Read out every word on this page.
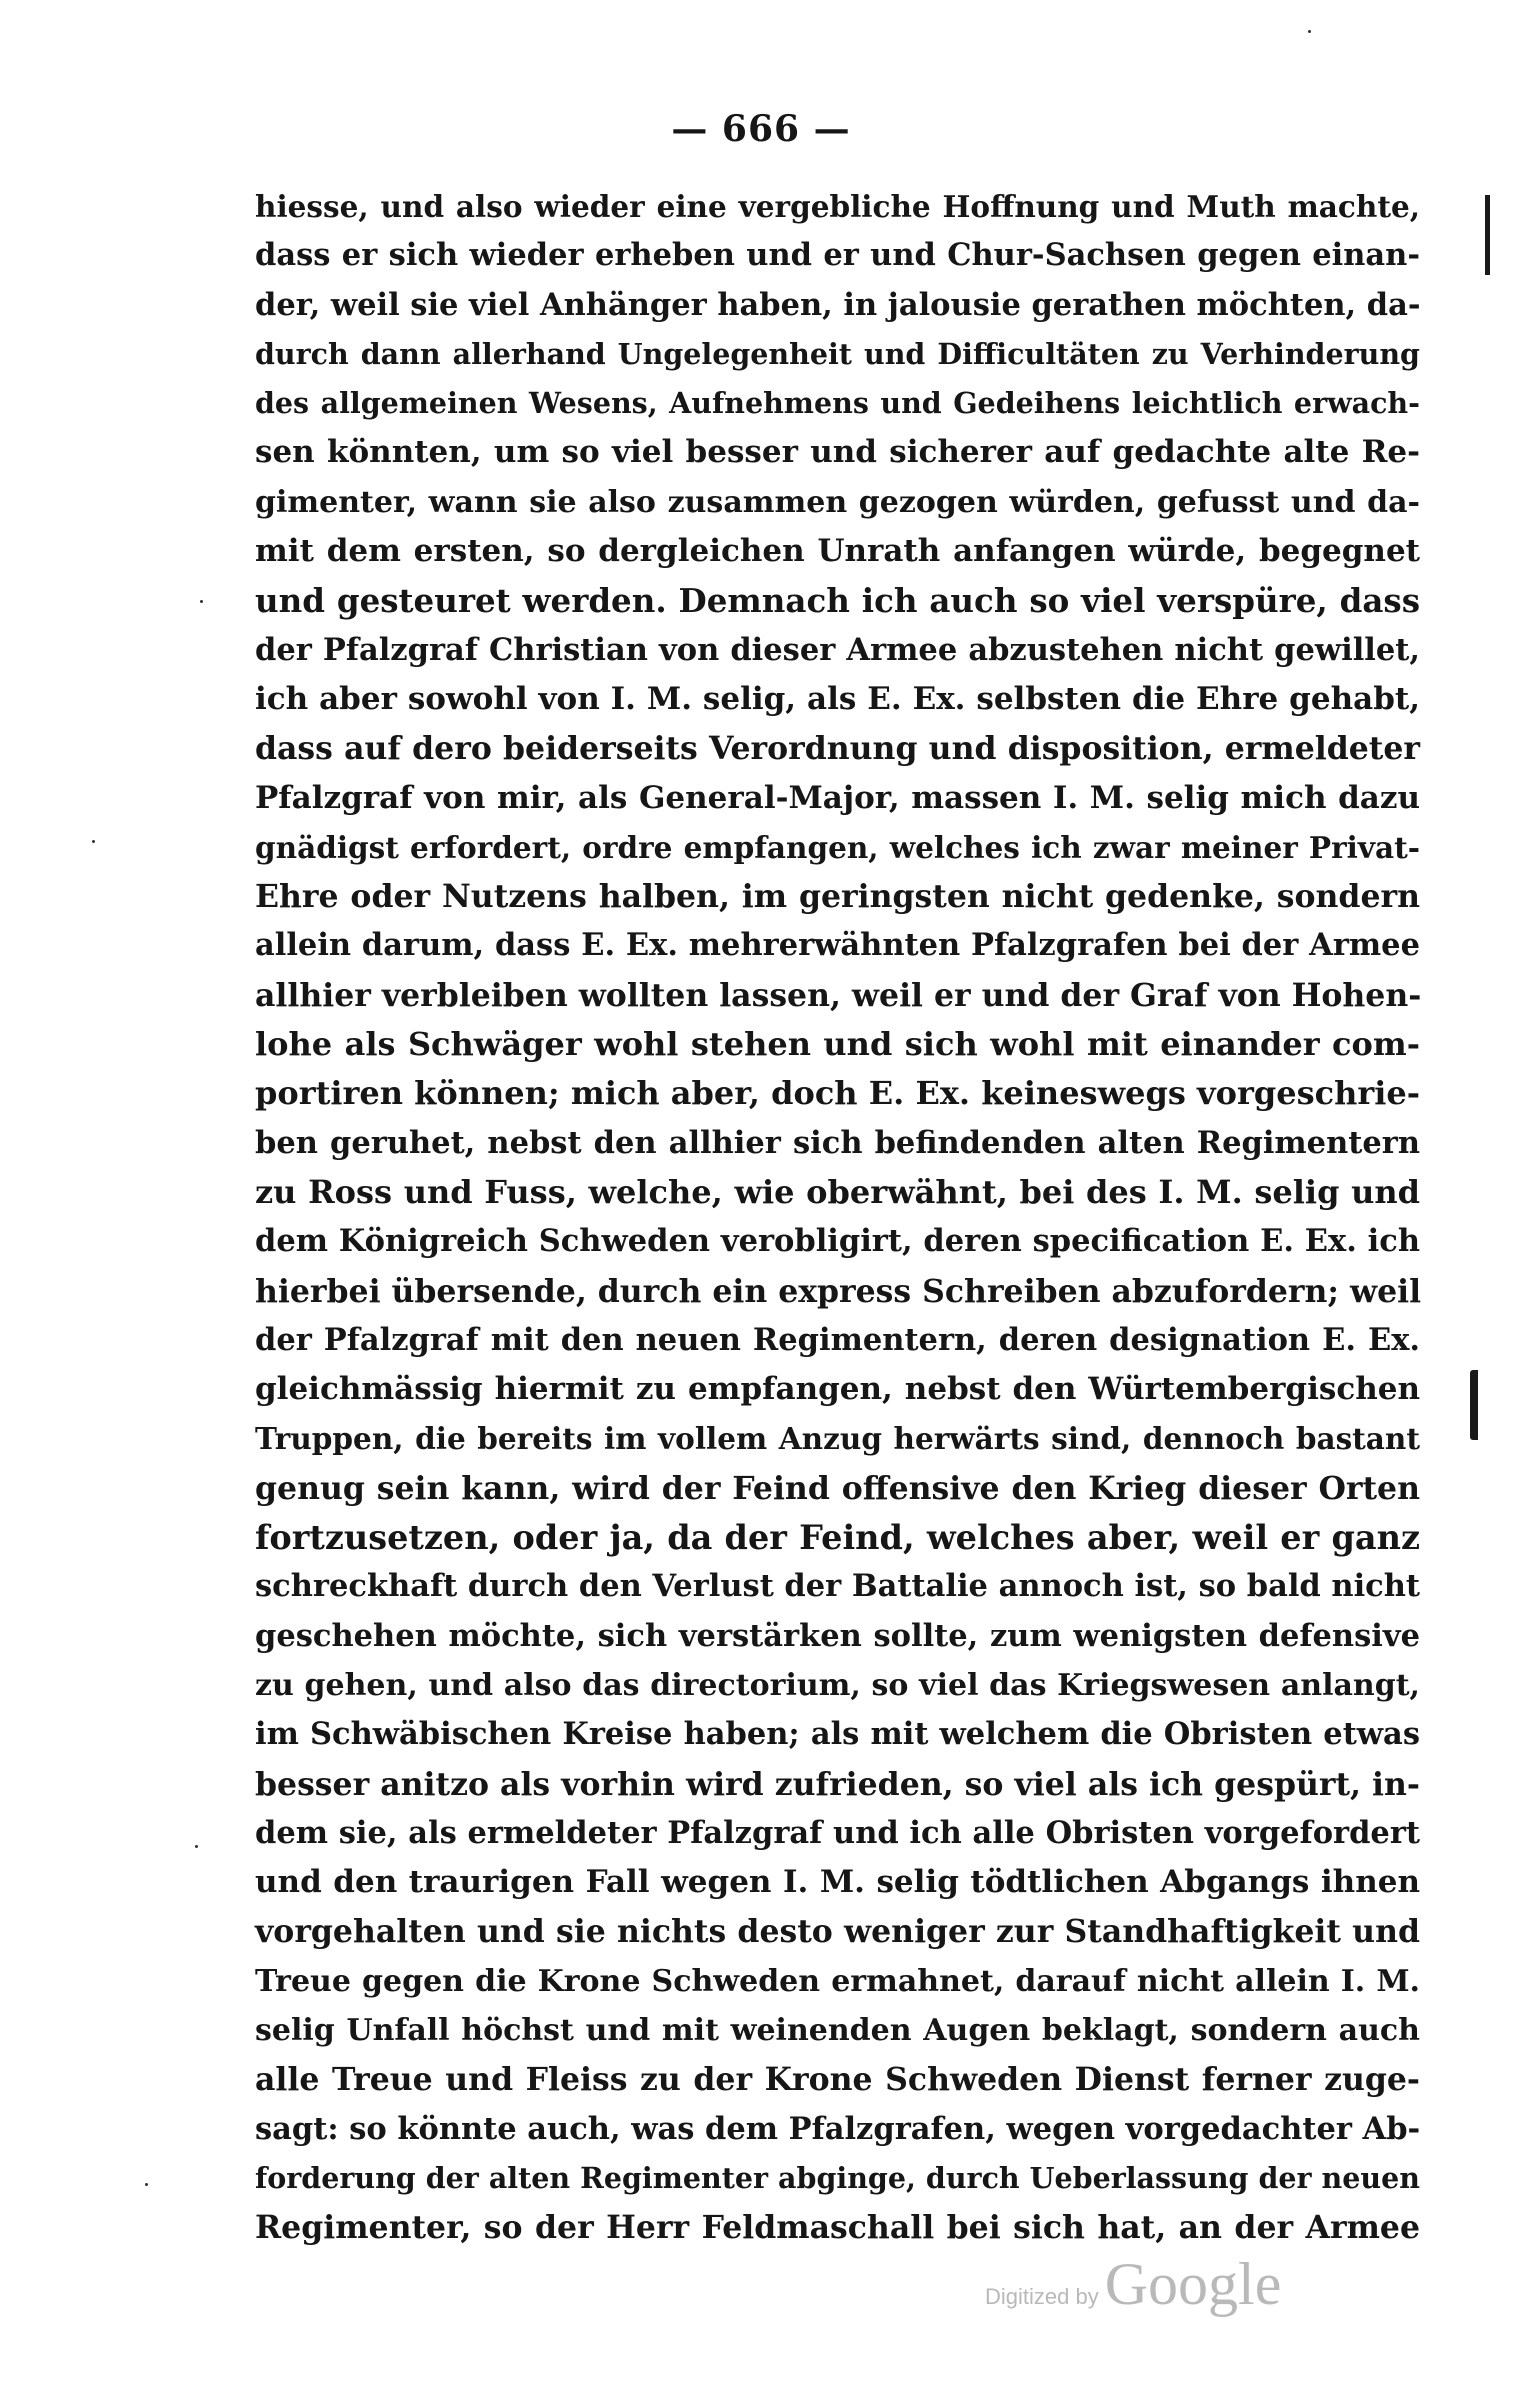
— 666 —
hiesse, und also wieder eine vergebliche Hoffnung und Muth machte,
dass er sich wieder erheben und er und Chur-Sachsen gegen einan-
der, weil sie viel Anhänger haben, in jalousie gerathen möchten, da-
durch dann allerhand Ungelegenheit und Difficultäten zu Verhinderung
des allgemeinen Wesens, Aufnehmens und Gedeihens leichtlich erwach-
sen könnten, um so viel besser und sicherer auf gedachte alte Re-
gimenter, wann sie also zusammen gezogen würden, gefusst und da-
mit dem ersten, so dergleichen Unrath anfangen würde, begegnet
und gesteuret werden. Demnach ich auch so viel verspüre, dass
der Pfalzgraf Christian von dieser Armee abzustehen nicht gewillet,
ich aber sowohl von I. M. selig, als E. Ex. selbsten die Ehre gehabt,
dass auf dero beiderseits Verordnung und disposition, ermeldeter
Pfalzgraf von mir, als General-Major, massen I. M. selig mich dazu
gnädigst erfordert, ordre empfangen, welches ich zwar meiner Privat-
Ehre oder Nutzens halben, im geringsten nicht gedenke, sondern
allein darum, dass E. Ex. mehrerwähnten Pfalzgrafen bei der Armee
allhier verbleiben wollten lassen, weil er und der Graf von Hohen-
lohe als Schwäger wohl stehen und sich wohl mit einander com-
portiren können; mich aber, doch E. Ex. keineswegs vorgeschrie-
ben geruhet, nebst den allhier sich befindenden alten Regimentern
zu Ross und Fuss, welche, wie oberwähnt, bei des I. M. selig und
dem Königreich Schweden verobligirt, deren specification E. Ex. ich
hierbei übersende, durch ein express Schreiben abzufordern; weil
der Pfalzgraf mit den neuen Regimentern, deren designation E. Ex.
gleichmässig hiermit zu empfangen, nebst den Würtembergischen
Truppen, die bereits im vollem Anzug herwärts sind, dennoch bastant
genug sein kann, wird der Feind offensive den Krieg dieser Orten
fortzusetzen, oder ja, da der Feind, welches aber, weil er ganz
schreckhaft durch den Verlust der Battalie annoch ist, so bald nicht
geschehen möchte, sich verstärken sollte, zum wenigsten defensive
zu gehen, und also das directorium, so viel das Kriegswesen anlangt,
im Schwäbischen Kreise haben; als mit welchem die Obristen etwas
besser anitzo als vorhin wird zufrieden, so viel als ich gespürt, in-
dem sie, als ermeldeter Pfalzgraf und ich alle Obristen vorgefordert
und den traurigen Fall wegen I. M. selig tödtlichen Abgangs ihnen
vorgehalten und sie nichts desto weniger zur Standhaftigkeit und
Treue gegen die Krone Schweden ermahnet, darauf nicht allein I. M.
selig Unfall höchst und mit weinenden Augen beklagt, sondern auch
alle Treue und Fleiss zu der Krone Schweden Dienst ferner zuge-
sagt: so könnte auch, was dem Pfalzgrafen, wegen vorgedachter Ab-
forderung der alten Regimenter abginge, durch Ueberlassung der neuen
Regimenter, so der Herr Feldmaschall bei sich hat, an der Armee
Digitized by Google
